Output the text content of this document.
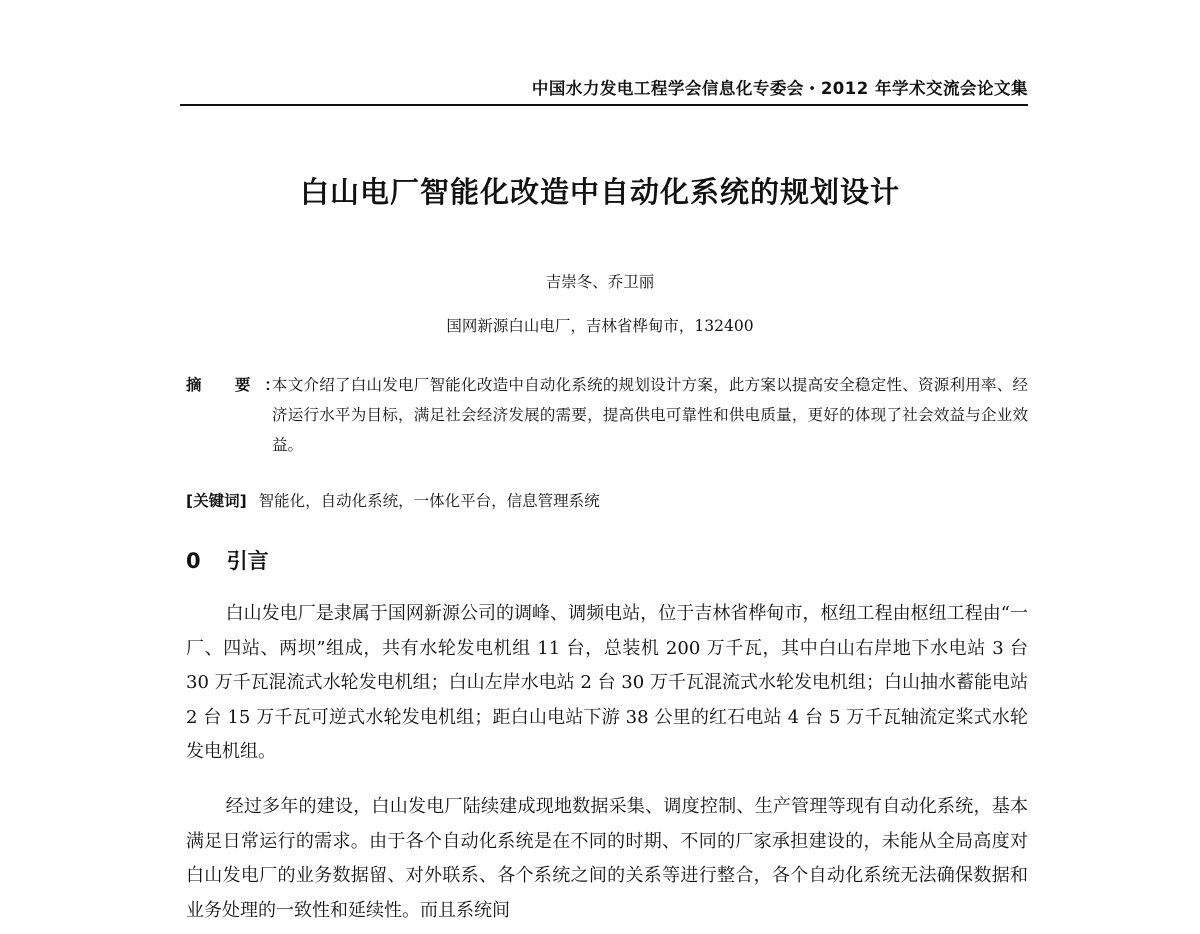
中国水力发电工程学会信息化专委会・2012 年学术交流会论文集
白山电厂智能化改造中自动化系统的规划设计
吉崇冬、乔卫丽
国网新源白山电厂，吉林省桦甸市，132400
摘 要：
本文介绍了白山发电厂智能化改造中自动化系统的规划设计方案，此方案以提高安全稳定性、资源利用率、经济运行水平为目标，满足社会经济发展的需要，提高供电可靠性和供电质量，更好的体现了社会效益与企业效益。
[关键词] 智能化，自动化系统，一体化平台，信息管理系统
0 引言
白山发电厂是隶属于国网新源公司的调峰、调频电站，位于吉林省桦甸市，枢纽工程由枢纽工程由“一厂、四站、两坝”组成，共有水轮发电机组 11 台，总装机 200 万千瓦，其中白山右岸地下水电站 3 台 30 万千瓦混流式水轮发电机组；白山左岸水电站 2 台 30 万千瓦混流式水轮发电机组；白山抽水蓄能电站 2 台 15 万千瓦可逆式水轮发电机组；距白山电站下游 38 公里的红石电站 4 台 5 万千瓦轴流定桨式水轮发电机组。
经过多年的建设，白山发电厂陆续建成现地数据采集、调度控制、生产管理等现有自动化系统，基本满足日常运行的需求。由于各个自动化系统是在不同的时期、不同的厂家承担建设的，未能从全局高度对白山发电厂的业务数据留、对外联系、各个系统之间的关系等进行整合，各个自动化系统无法确保数据和业务处理的一致性和延续性。而且系统间
